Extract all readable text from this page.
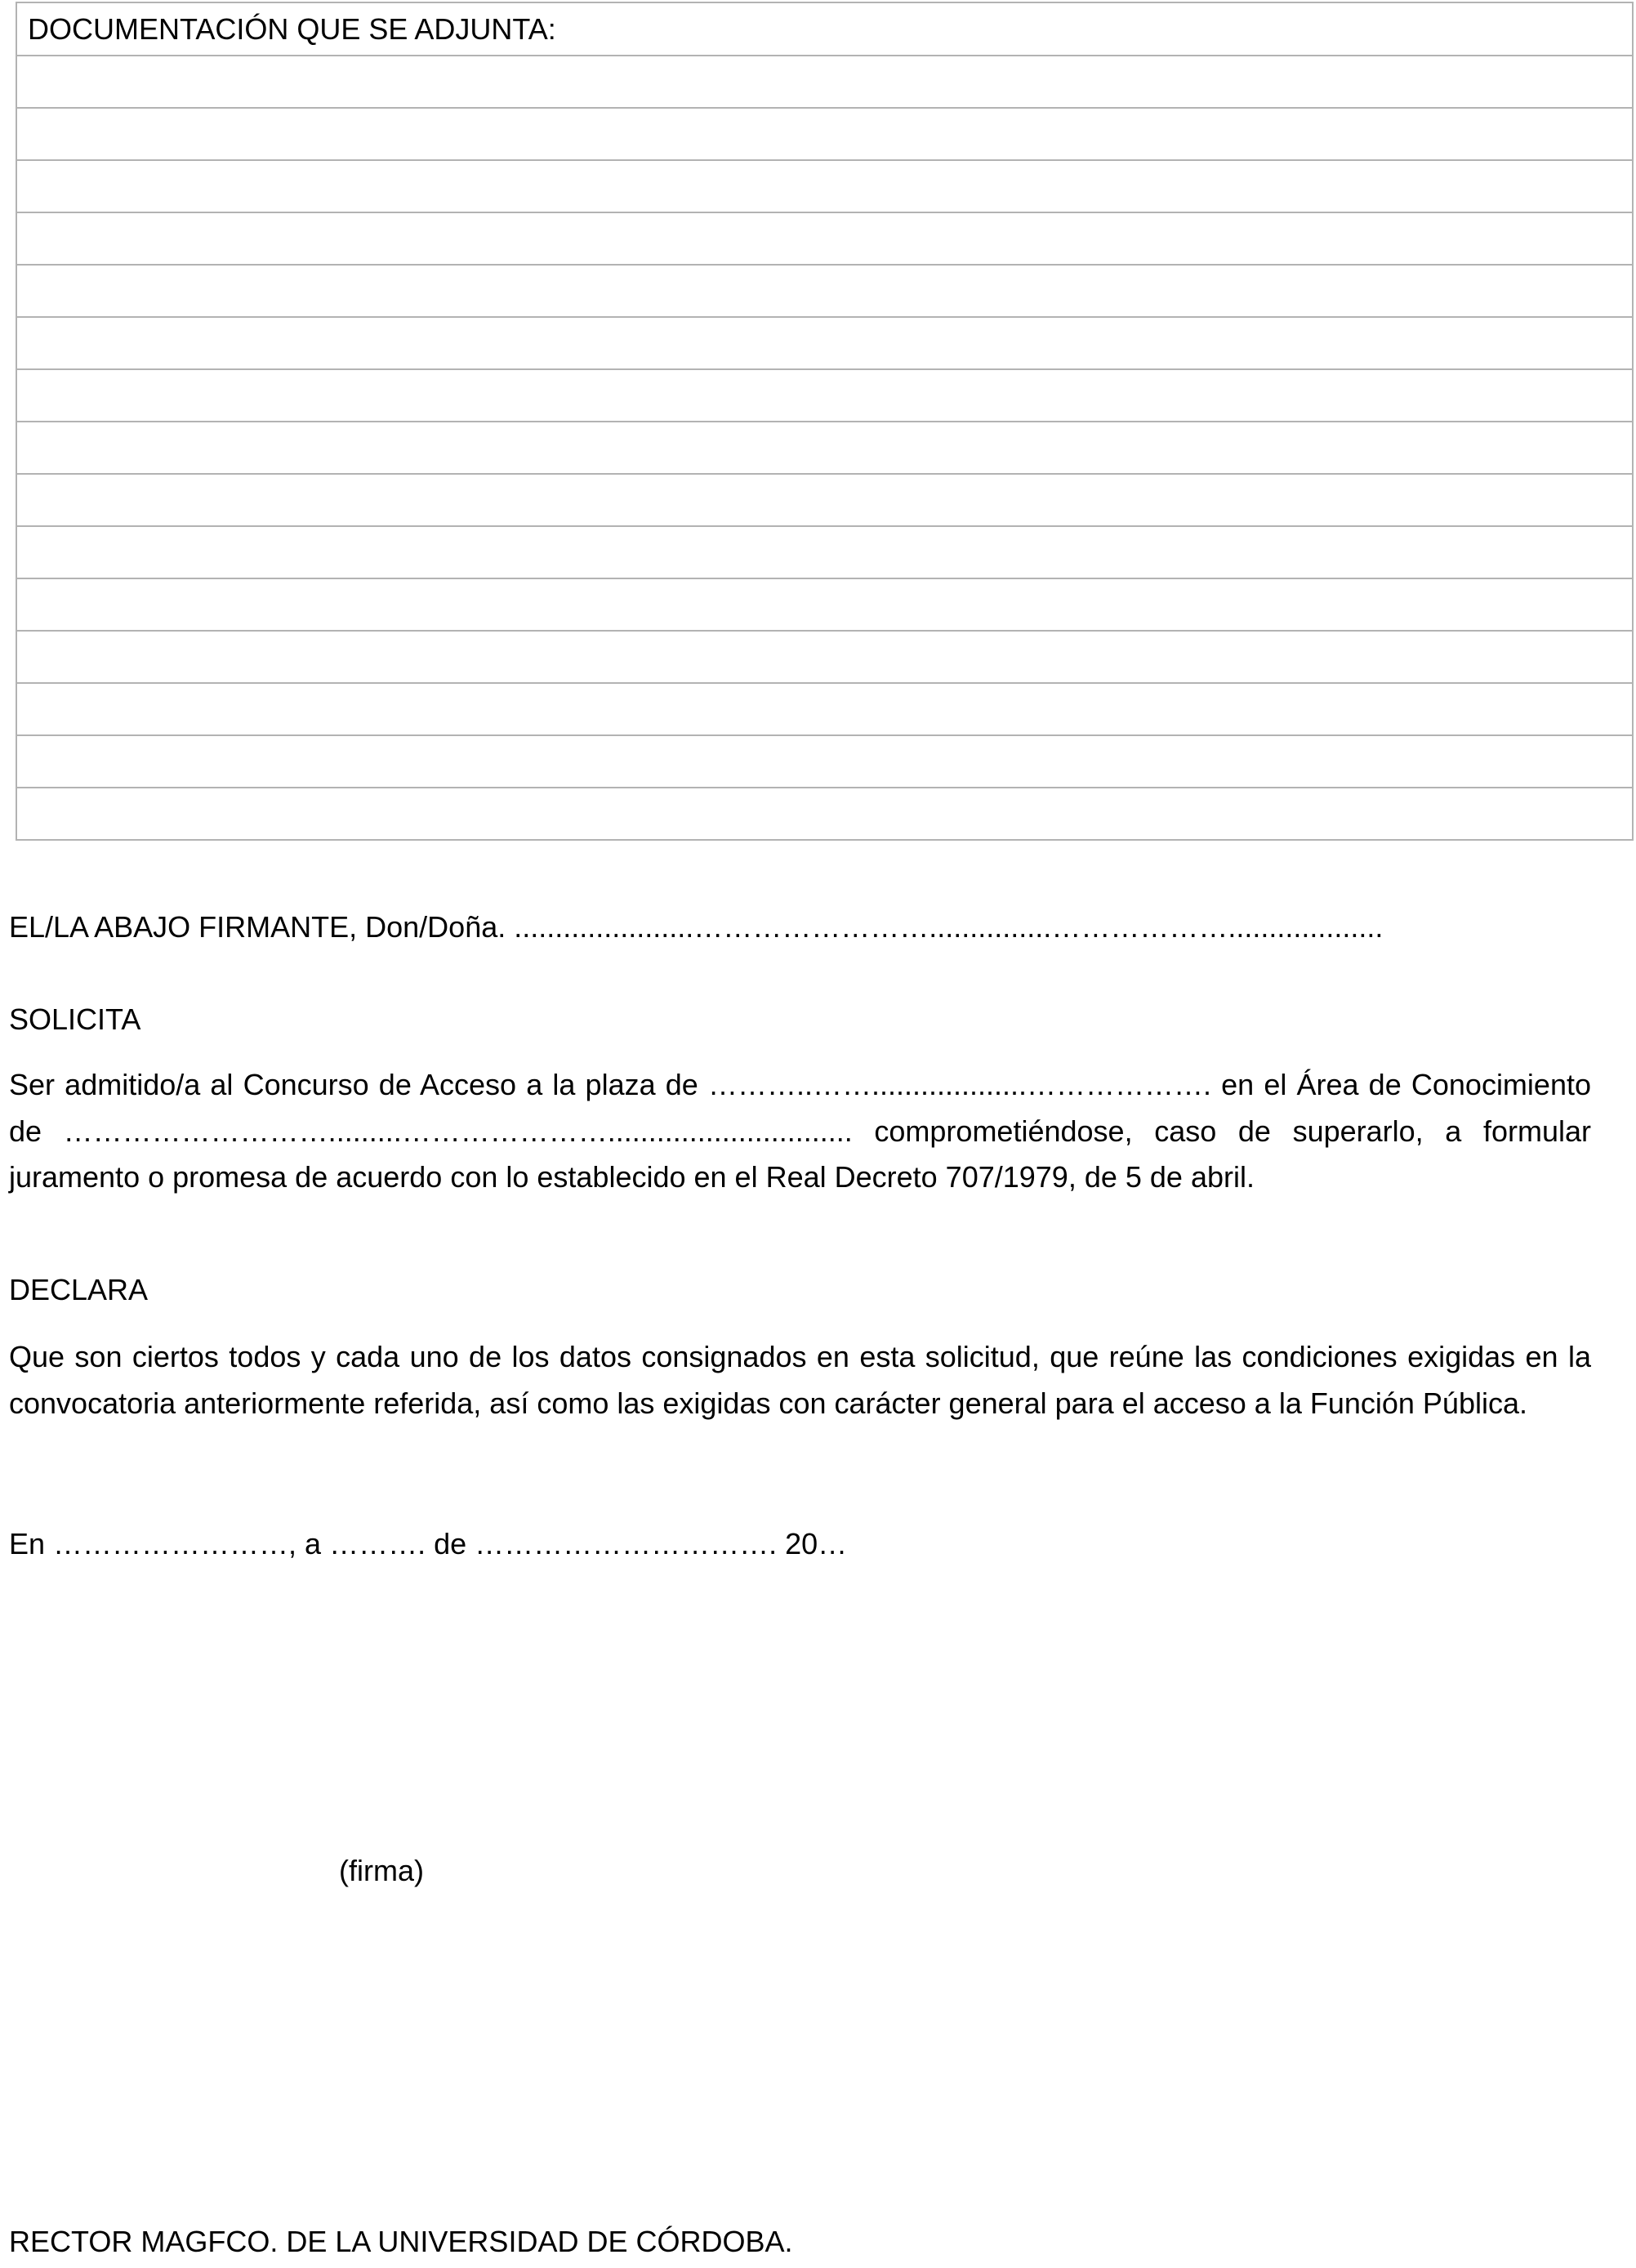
DOCUMENTACIÓN QUE SE ADJUNTA:

EL/LA ABAJO FIRMANTE, Don/Doña. ......................……………………...............………………...................
SOLICITA
Ser admitido/a al Concurso de Acceso a la plaza de ………..……...................………………. en el Área de Conocimiento de ……………………….........………………….............................. comprometiéndose, caso de superarlo, a formular juramento o promesa de acuerdo con lo establecido en el Real Decreto 707/1979, de 5 de abril.
DECLARA
Que son ciertos todos y cada uno de los datos consignados en esta solicitud, que reúne las condiciones exigidas en la convocatoria anteriormente referida, así como las exigidas con carácter general para el acceso a la Función Pública.
En ……………………, a ………. de …………………………. 20…
(firma)
RECTOR MAGFCO. DE LA UNIVERSIDAD DE CÓRDOBA.
